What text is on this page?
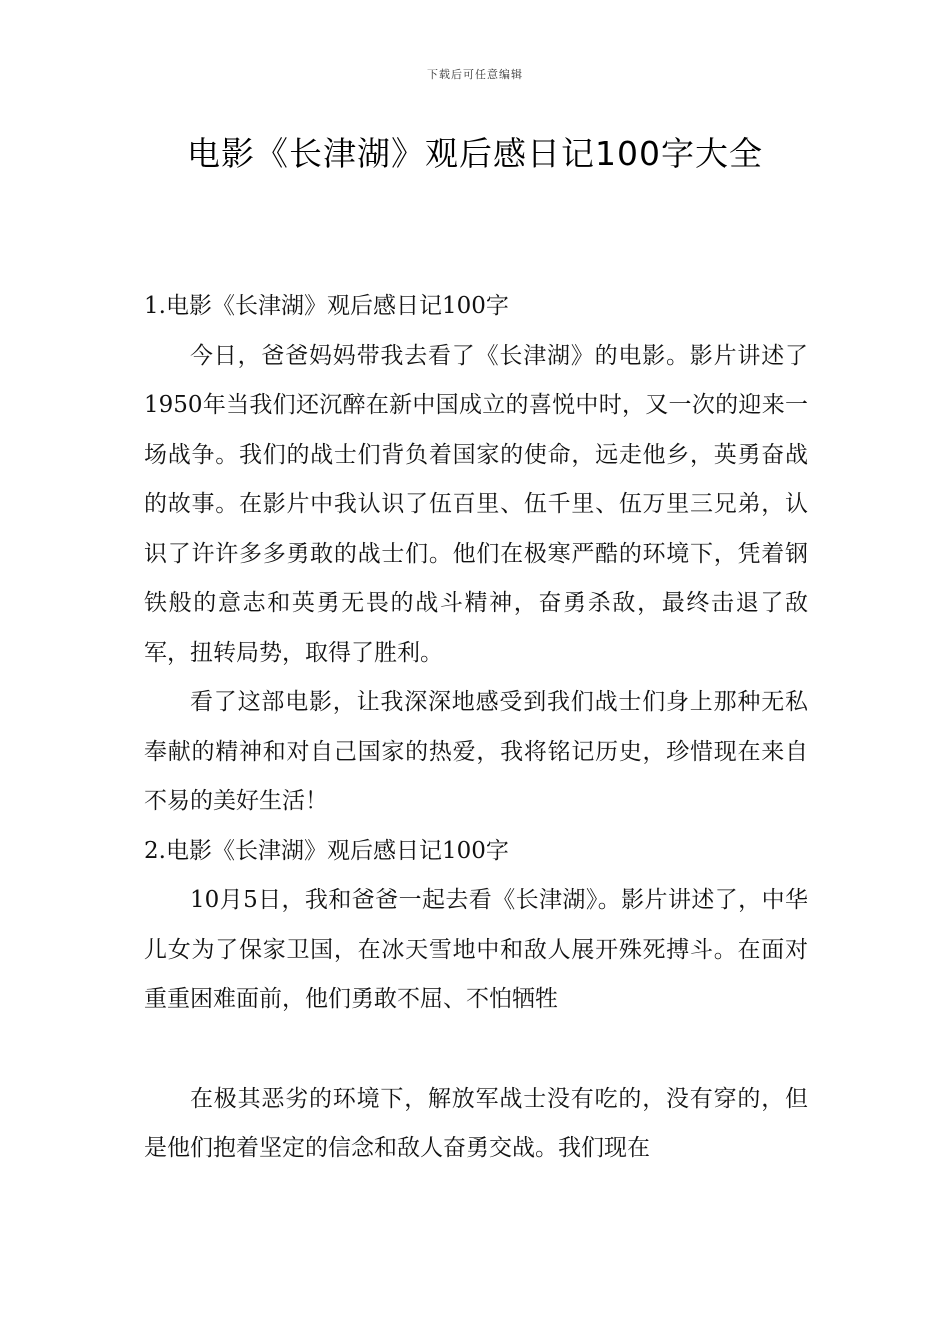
下载后可任意编辑
电影《长津湖》观后感日记100字大全

1.电影《长津湖》观后感日记100字

今日，爸爸妈妈带我去看了《长津湖》的电影。影片讲述了1950年当我们还沉醉在新中国成立的喜悦中时，又一次的迎来一场战争。我们的战士们背负着国家的使命，远走他乡，英勇奋战的故事。在影片中我认识了伍百里、伍千里、伍万里三兄弟，认识了许许多多勇敢的战士们。他们在极寒严酷的环境下，凭着钢铁般的意志和英勇无畏的战斗精神，奋勇杀敌，最终击退了敌军，扭转局势，取得了胜利。

看了这部电影，让我深深地感受到我们战士们身上那种无私奉献的精神和对自己国家的热爱，我将铭记历史，珍惜现在来自不易的美好生活！

2.电影《长津湖》观后感日记100字

10月5日，我和爸爸一起去看《长津湖》。影片讲述了，中华儿女为了保家卫国，在冰天雪地中和敌人展开殊死搏斗。在面对重重困难面前，他们勇敢不屈、不怕牺牲

在极其恶劣的环境下，解放军战士没有吃的，没有穿的，但是他们抱着坚定的信念和敌人奋勇交战。我们现在
